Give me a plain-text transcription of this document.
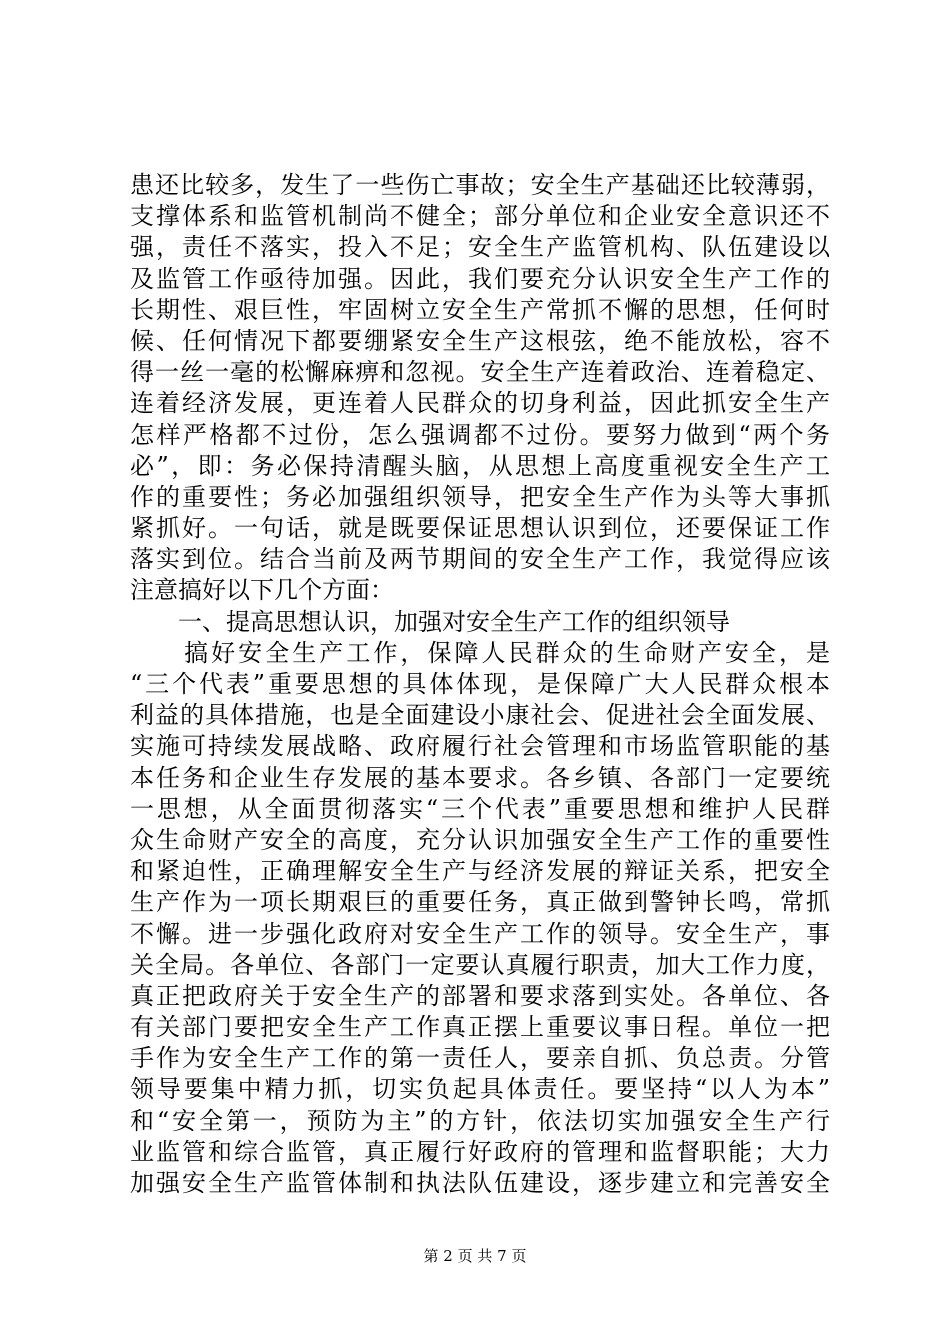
患还比较多，发生了一些伤亡事故；安全生产基础还比较薄弱，
支撑体系和监管机制尚不健全；部分单位和企业安全意识还不
强，责任不落实，投入不足；安全生产监管机构、队伍建设以
及监管工作亟待加强。因此，我们要充分认识安全生产工作的
长期性、艰巨性，牢固树立安全生产常抓不懈的思想，任何时
候、任何情况下都要绷紧安全生产这根弦，绝不能放松，容不
得一丝一毫的松懈麻痹和忽视。安全生产连着政治、连着稳定、
连着经济发展，更连着人民群众的切身利益，因此抓安全生产
怎样严格都不过份，怎么强调都不过份。要努力做到“两个务
必”，即：务必保持清醒头脑，从思想上高度重视安全生产工
作的重要性；务必加强组织领导，把安全生产作为头等大事抓
紧抓好。一句话，就是既要保证思想认识到位，还要保证工作
落实到位。结合当前及两节期间的安全生产工作，我觉得应该
注意搞好以下几个方面：
　　一、提高思想认识，加强对安全生产工作的组织领导
　　搞好安全生产工作，保障人民群众的生命财产安全，是
“三个代表”重要思想的具体体现，是保障广大人民群众根本
利益的具体措施，也是全面建设小康社会、促进社会全面发展、
实施可持续发展战略、政府履行社会管理和市场监管职能的基
本任务和企业生存发展的基本要求。各乡镇、各部门一定要统
一思想，从全面贯彻落实“三个代表”重要思想和维护人民群
众生命财产安全的高度，充分认识加强安全生产工作的重要性
和紧迫性，正确理解安全生产与经济发展的辩证关系，把安全
生产作为一项长期艰巨的重要任务，真正做到警钟长鸣，常抓
不懈。进一步强化政府对安全生产工作的领导。安全生产，事
关全局。各单位、各部门一定要认真履行职责，加大工作力度，
真正把政府关于安全生产的部署和要求落到实处。各单位、各
有关部门要把安全生产工作真正摆上重要议事日程。单位一把
手作为安全生产工作的第一责任人，要亲自抓、负总责。分管
领导要集中精力抓，切实负起具体责任。要坚持“以人为本”
和“安全第一，预防为主”的方针，依法切实加强安全生产行
业监管和综合监管，真正履行好政府的管理和监督职能；大力
加强安全生产监管体制和执法队伍建设，逐步建立和完善安全
第 2 页 共 7 页
